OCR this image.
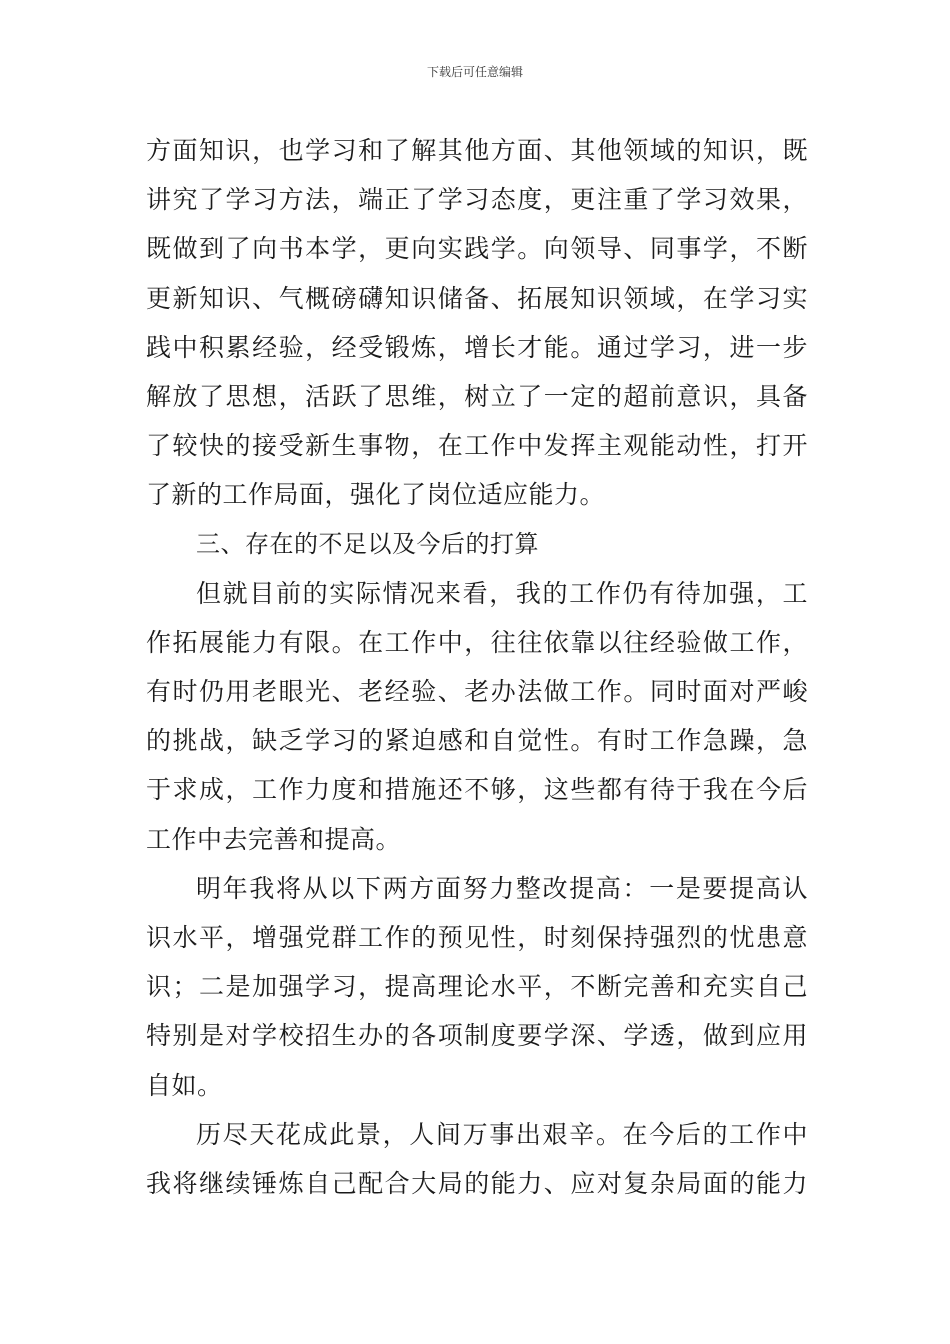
下载后可任意编辑
方面知识，也学习和了解其他方面、其他领域的知识，既
讲究了学习方法，端正了学习态度，更注重了学习效果，
既做到了向书本学，更向实践学。向领导、同事学，不断
更新知识、气概磅礴知识储备、拓展知识领域，在学习实
践中积累经验，经受锻炼，增长才能。通过学习，进一步
解放了思想，活跃了思维，树立了一定的超前意识，具备
了较快的接受新生事物，在工作中发挥主观能动性，打开
了新的工作局面，强化了岗位适应能力。
三、存在的不足以及今后的打算
但就目前的实际情况来看，我的工作仍有待加强，工
作拓展能力有限。在工作中，往往依靠以往经验做工作，
有时仍用老眼光、老经验、老办法做工作。同时面对严峻
的挑战，缺乏学习的紧迫感和自觉性。有时工作急躁，急
于求成，工作力度和措施还不够，这些都有待于我在今后
工作中去完善和提高。
明年我将从以下两方面努力整改提高：一是要提高认
识水平，增强党群工作的预见性，时刻保持强烈的忧患意
识；二是加强学习，提高理论水平，不断完善和充实自己
特别是对学校招生办的各项制度要学深、学透，做到应用
自如。
历尽天花成此景，人间万事出艰辛。在今后的工作中
我将继续锤炼自己配合大局的能力、应对复杂局面的能力
